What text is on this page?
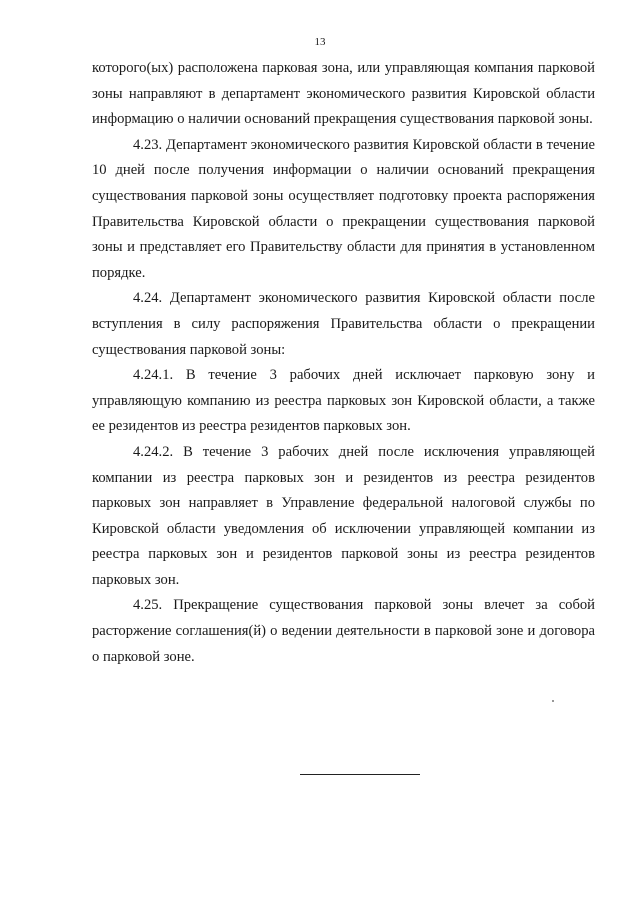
13

которого(ых) расположена парковая зона, или управляющая компания парковой зоны направляют в департамент экономического развития Кировской области информацию о наличии оснований прекращения существования парковой зоны.

4.23. Департамент экономического развития Кировской области в течение 10 дней после получения информации о наличии оснований прекращения существования парковой зоны осуществляет подготовку проекта распоряжения Правительства Кировской области о прекращении существования парковой зоны и представляет его Правительству области для принятия в установленном порядке.

4.24. Департамент экономического развития Кировской области после вступления в силу распоряжения Правительства области о прекращении существования парковой зоны:

4.24.1. В течение 3 рабочих дней исключает парковую зону и управляющую компанию из реестра парковых зон Кировской области, а также ее резидентов из реестра резидентов парковых зон.

4.24.2. В течение 3 рабочих дней после исключения управляющей компании из реестра парковых зон и резидентов из реестра резидентов парковых зон направляет в Управление федеральной налоговой службы по Кировской области уведомления об исключении управляющей компании из реестра парковых зон и резидентов парковой зоны из реестра резидентов парковых зон.

4.25. Прекращение существования парковой зоны влечет за собой расторжение соглашения(й) о ведении деятельности в парковой зоне и договора о парковой зоне.
